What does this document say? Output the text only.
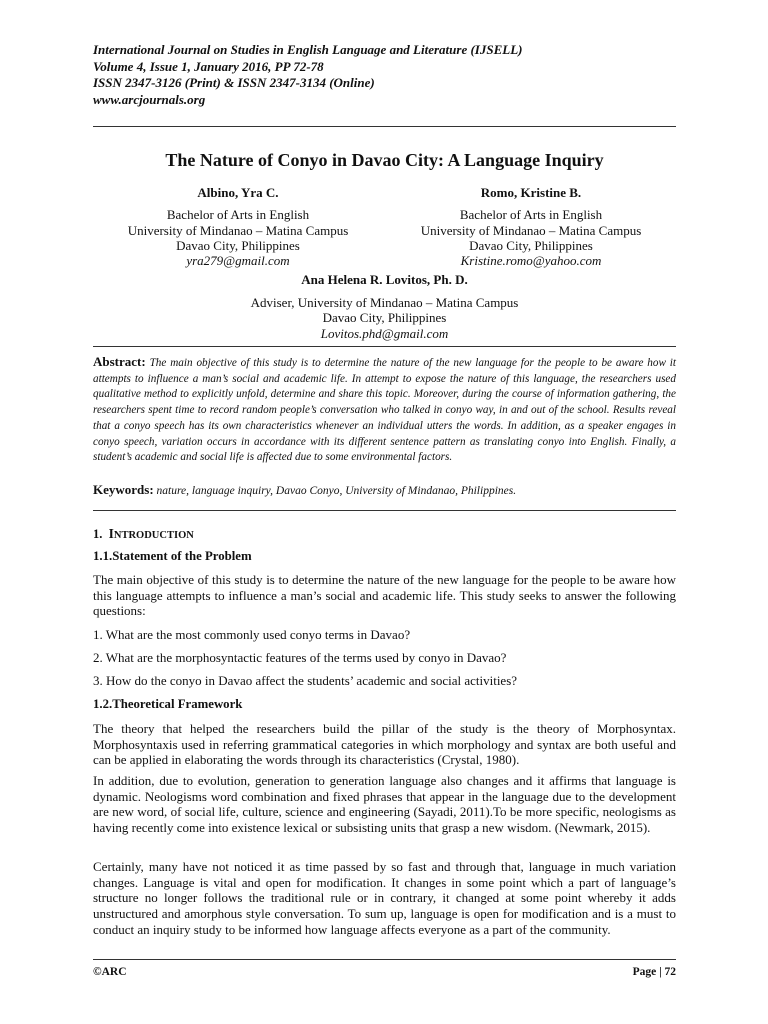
International Journal on Studies in English Language and Literature (IJSELL)
Volume 4, Issue 1, January 2016, PP 72-78
ISSN 2347-3126 (Print) & ISSN 2347-3134 (Online)
www.arcjournals.org
The Nature of Conyo in Davao City: A Language Inquiry
Albino, Yra C.
Bachelor of Arts in English
University of Mindanao – Matina Campus
Davao City, Philippines
yra279@gmail.com
Romo, Kristine B.
Bachelor of Arts in English
University of Mindanao – Matina Campus
Davao City, Philippines
Kristine.romo@yahoo.com
Ana Helena R. Lovitos, Ph. D.
Adviser, University of Mindanao – Matina Campus
Davao City, Philippines
Lovitos.phd@gmail.com
Abstract: The main objective of this study is to determine the nature of the new language for the people to be aware how it attempts to influence a man’s social and academic life. In attempt to expose the nature of this language, the researchers used qualitative method to explicitly unfold, determine and share this topic. Moreover, during the course of information gathering, the researchers spent time to record random people’s conversation who talked in conyo way, in and out of the school. Results reveal that a conyo speech has its own characteristics whenever an individual utters the words. In addition, as a speaker engages in conyo speech, variation occurs in accordance with its different sentence pattern as translating conyo into English. Finally, a student’s academic and social life is affected due to some environmental factors.
Keywords: nature, language inquiry, Davao Conyo, University of Mindanao, Philippines.
1. INTRODUCTION
1.1.Statement of the Problem
The main objective of this study is to determine the nature of the new language for the people to be aware how this language attempts to influence a man’s social and academic life. This study seeks to answer the following questions:
1. What are the most commonly used conyo terms in Davao?
2. What are the morphosyntactic features of the terms used by conyo in Davao?
3. How do the conyo in Davao affect the students’ academic and social activities?
1.2.Theoretical Framework
The theory that helped the researchers build the pillar of the study is the theory of Morphosyntax. Morphosyntaxis used in referring grammatical categories in which morphology and syntax are both useful and can be applied in elaborating the words through its characteristics (Crystal, 1980).
In addition, due to evolution, generation to generation language also changes and it affirms that language is dynamic. Neologisms word combination and fixed phrases that appear in the language due to the development are new word, of social life, culture, science and engineering (Sayadi, 2011).To be more specific, neologisms as having recently come into existence lexical or subsisting units that grasp a new wisdom. (Newmark, 2015).
Certainly, many have not noticed it as time passed by so fast and through that, language in much variation changes. Language is vital and open for modification. It changes in some point which a part of language’s structure no longer follows the traditional rule or in contrary, it changed at some point whereby it adds unstructured and amorphous style conversation. To sum up, language is open for modification and is a must to conduct an inquiry study to be informed how language affects everyone as a part of the community.
©ARC	Page | 72
